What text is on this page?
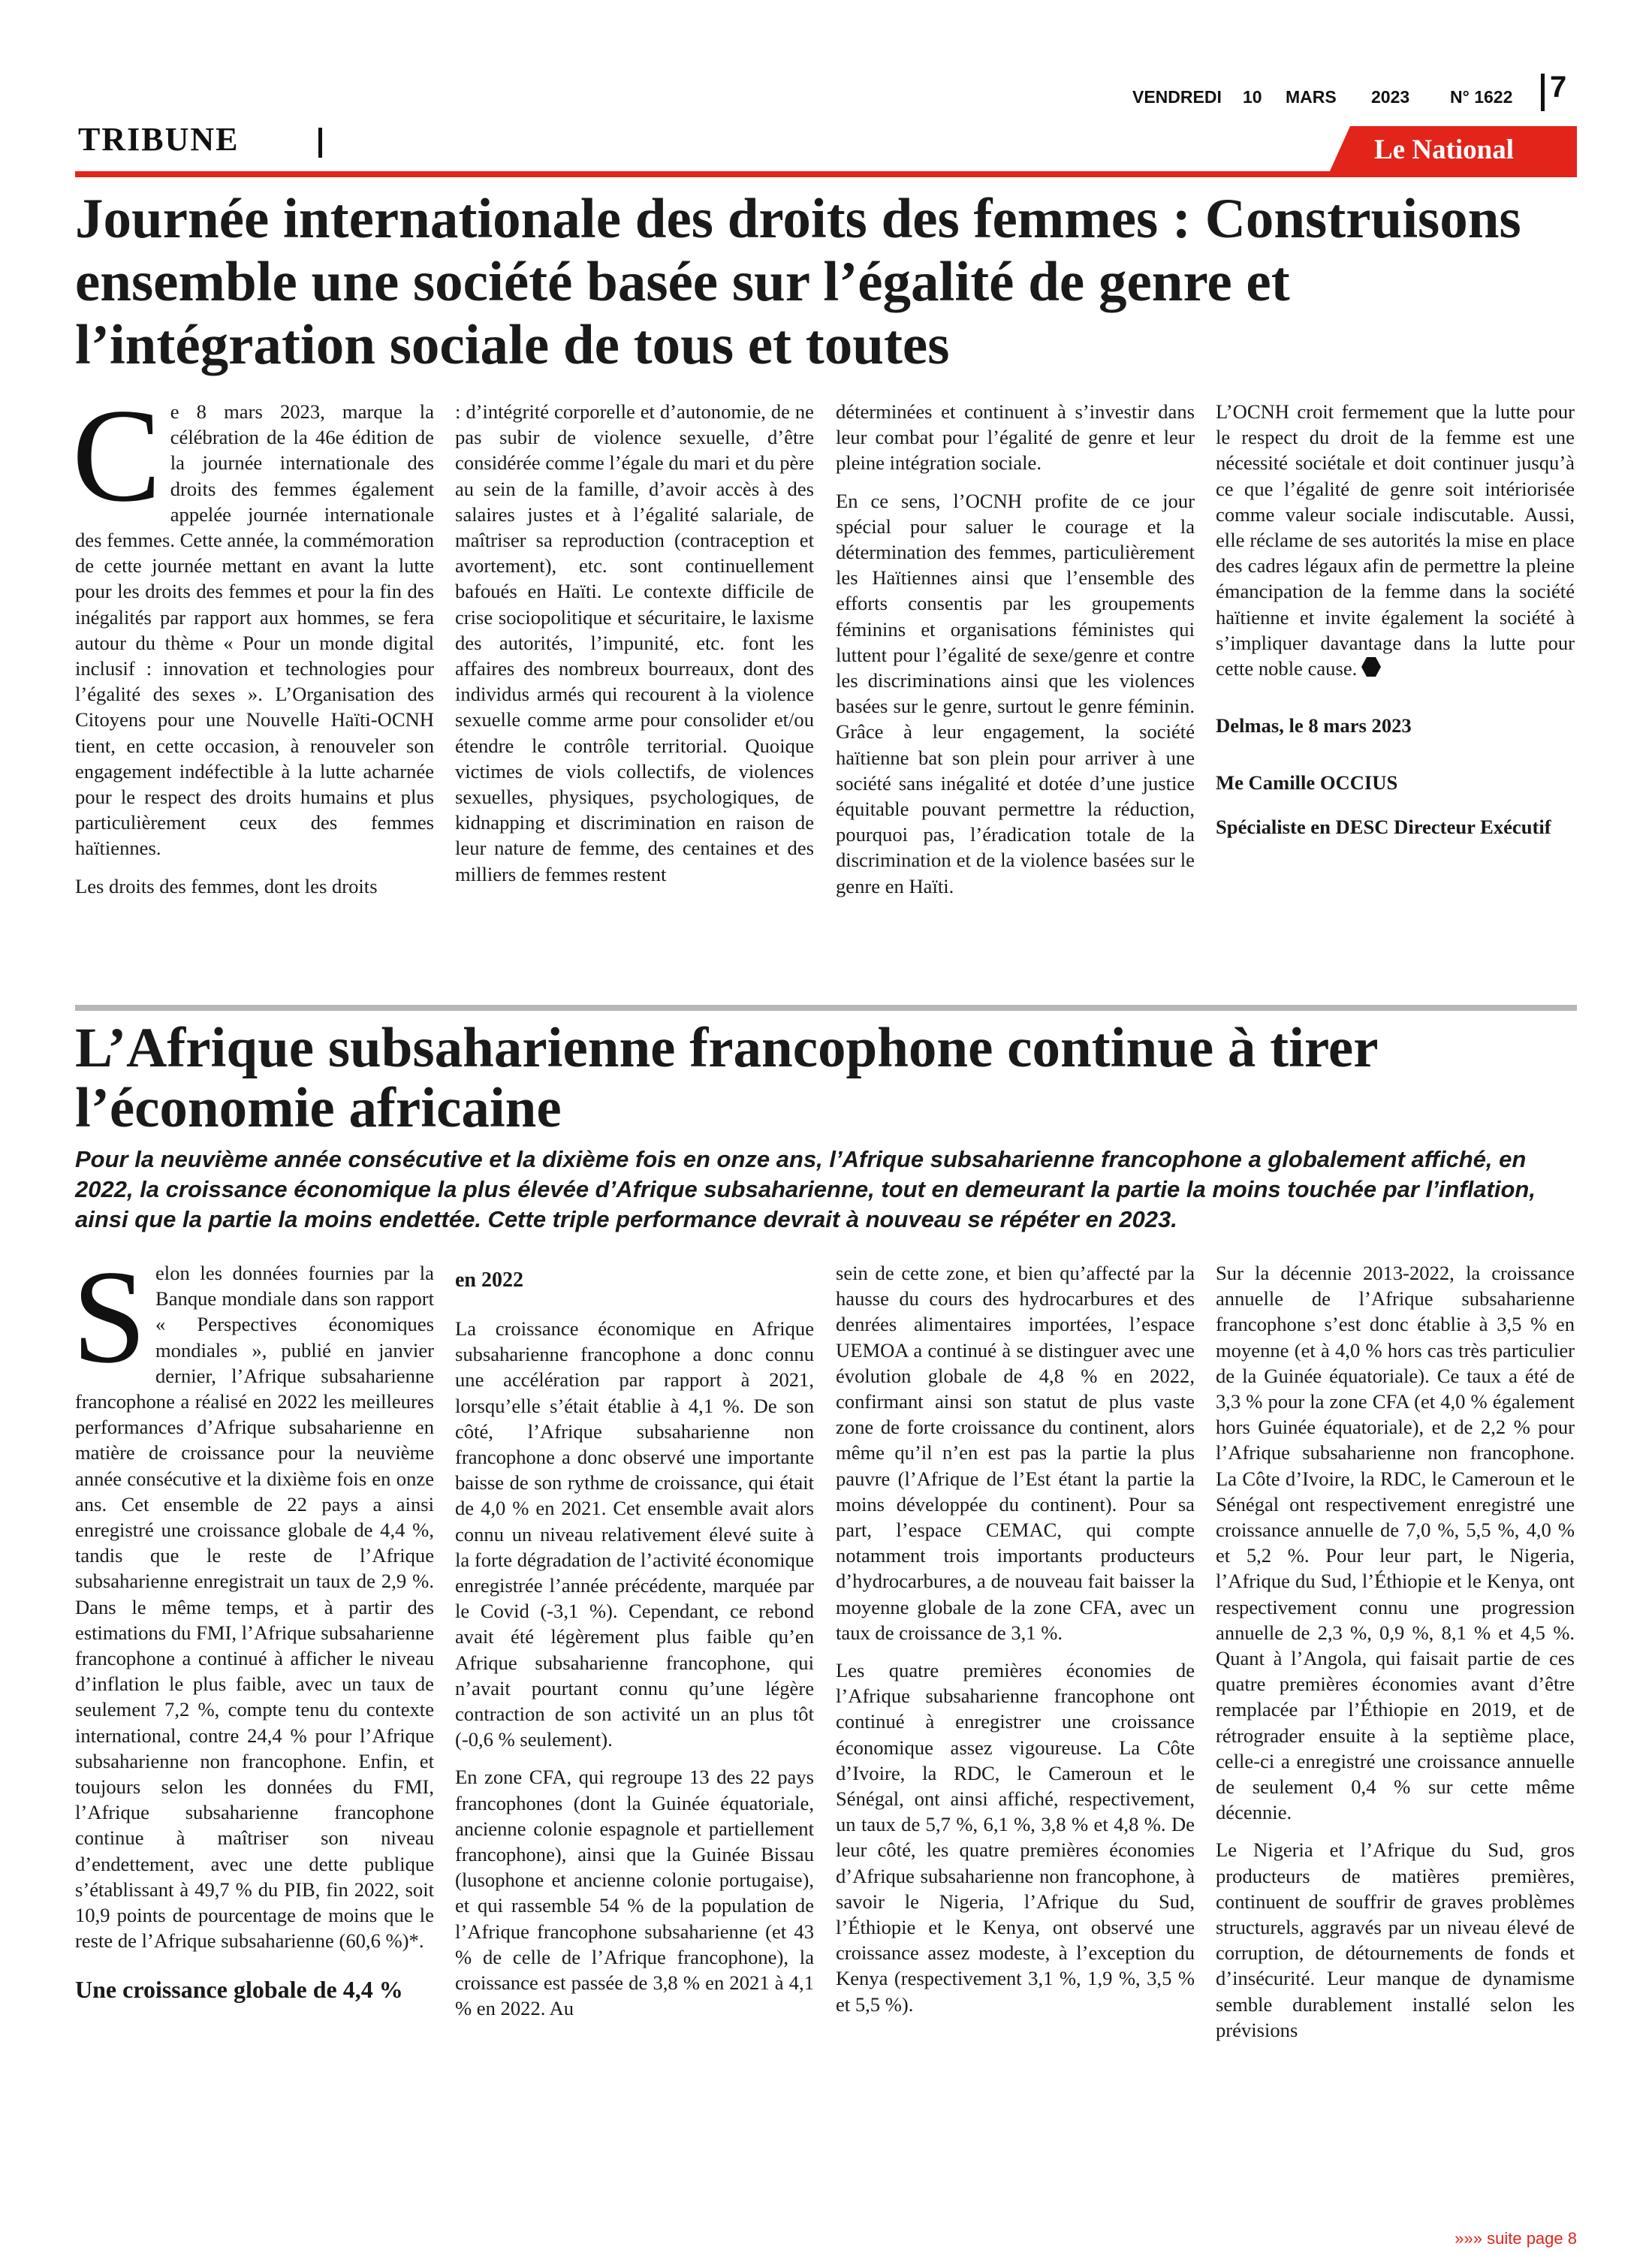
VENDREDI 10 MARS 2023 N° 1622 7
TRIBUNE	Le National
Journée internationale des droits des femmes : Construisons ensemble une société basée sur l’égalité de genre et l’intégration sociale de tous et toutes
C e 8 mars 2023, marque la célébration de la 46e édition de la journée internationale des droits des femmes également appelée journée internationale des femmes. Cette année, la commémoration de cette journée mettant en avant la lutte pour les droits des femmes et pour la fin des inégalités par rapport aux hommes, se fera autour du thème « Pour un monde digital inclusif : innovation et technologies pour l’égalité des sexes ». L’Organisation des Citoyens pour une Nouvelle Haïti-OCNH tient, en cette occasion, à renouveler son engagement indéfectible à la lutte acharnée pour le respect des droits humains et plus particulièrement ceux des femmes haïtiennes.

Les droits des femmes, dont les droits

: d’intégrité corporelle et d’autonomie, de ne pas subir de violence sexuelle, d’être considérée comme l’égale du mari et du père au sein de la famille, d’avoir accès à des salaires justes et à l’égalité salariale, de maîtriser sa reproduction (contraception et avortement), etc. sont continuellement bafoués en Haïti. Le contexte difficile de crise sociopolitique et sécuritaire, le laxisme des autorités, l’impunité, etc. font les affaires des nombreux bourreaux, dont des individus armés qui recourent à la violence sexuelle comme arme pour consolider et/ou étendre le contrôle territorial. Quoique victimes de viols collectifs, de violences sexuelles, physiques, psychologiques, de kidnapping et discrimination en raison de leur nature de femme, des centaines et des milliers de femmes restent

déterminées et continuent à s’investir dans leur combat pour l’égalité de genre et leur pleine intégration sociale.

En ce sens, l’OCNH profite de ce jour spécial pour saluer le courage et la détermination des femmes, particulièrement les Haïtiennes ainsi que l’ensemble des efforts consentis par les groupements féminins et organisations féministes qui luttent pour l’égalité de sexe/genre et contre les discriminations ainsi que les violences basées sur le genre, surtout le genre féminin. Grâce à leur engagement, la société haïtienne bat son plein pour arriver à une société sans inégalité et dotée d’une justice équitable pouvant permettre la réduction, pourquoi pas, l’éradication totale de la discrimination et de la violence basées sur le genre en Haïti.

L’OCNH croit fermement que la lutte pour le respect du droit de la femme est une nécessité sociétale et doit continuer jusqu’à ce que l’égalité de genre soit intériorisée comme valeur sociale indiscutable. Aussi, elle réclame de ses autorités la mise en place des cadres légaux afin de permettre la pleine émancipation de la femme dans la société haïtienne et invite également la société à s’impliquer davantage dans la lutte pour cette noble cause.

Delmas, le 8 mars 2023

Me Camille OCCIUS

Spécialiste en DESC Directeur Exécutif

L’Afrique subsaharienne francophone continue à tirer l’économie africaine

Pour la neuvième année consécutive et la dixième fois en onze ans, l’Afrique subsaharienne francophone a globalement affiché, en 2022, la croissance économique la plus élevée d’Afrique subsaharienne, tout en demeurant la partie la moins touchée par l’inflation, ainsi que la partie la moins endettée. Cette triple performance devrait à nouveau se répéter en 2023.

S elon les données fournies par la Banque mondiale dans son rapport « Perspectives économiques mondiales », publié en janvier dernier, l’Afrique subsaharienne francophone a réalisé en 2022 les meilleures performances d’Afrique subsaharienne en matière de croissance pour la neuvième année consécutive et la dixième fois en onze ans. Cet ensemble de 22 pays a ainsi enregistré une croissance globale de 4,4 %, tandis que le reste de l’Afrique subsaharienne enregistrait un taux de 2,9 %. Dans le même temps, et à partir des estimations du FMI, l’Afrique subsaharienne francophone a continué à afficher le niveau d’inflation le plus faible, avec un taux de seulement 7,2 %, compte tenu du contexte international, contre 24,4 % pour l’Afrique subsaharienne non francophone. Enfin, et toujours selon les données du FMI, l’Afrique subsaharienne francophone continue à maîtriser son niveau d’endettement, avec une dette publique s’établissant à 49,7 % du PIB, fin 2022, soit 10,9 points de pourcentage de moins que le reste de l’Afrique subsaharienne (60,6 %)*.

Une croissance globale de 4,4 %

en 2022

La croissance économique en Afrique subsaharienne francophone a donc connu une accélération par rapport à 2021, lorsqu’elle s’était établie à 4,1 %. De son côté, l’Afrique subsaharienne non francophone a donc observé une importante baisse de son rythme de croissance, qui était de 4,0 % en 2021. Cet ensemble avait alors connu un niveau relativement élevé suite à la forte dégradation de l’activité économique enregistrée l’année précédente, marquée par le Covid (-3,1 %). Cependant, ce rebond avait été légèrement plus faible qu’en Afrique subsaharienne francophone, qui n’avait pourtant connu qu’une légère contraction de son activité un an plus tôt (-0,6 % seulement).

En zone CFA, qui regroupe 13 des 22 pays francophones (dont la Guinée équatoriale, ancienne colonie espagnole et partiellement francophone), ainsi que la Guinée Bissau (lusophone et ancienne colonie portugaise), et qui rassemble 54 % de la population de l’Afrique francophone subsaharienne (et 43 % de celle de l’Afrique francophone), la croissance est passée de 3,8 % en 2021 à 4,1 % en 2022. Au

sein de cette zone, et bien qu’affecté par la hausse du cours des hydrocarbures et des denrées alimentaires importées, l’espace UEMOA a continué à se distinguer avec une évolution globale de 4,8 % en 2022, confirmant ainsi son statut de plus vaste zone de forte croissance du continent, alors même qu’il n’en est pas la partie la plus pauvre (l’Afrique de l’Est étant la partie la moins développée du continent). Pour sa part, l’espace CEMAC, qui compte notamment trois importants producteurs d’hydrocarbures, a de nouveau fait baisser la moyenne globale de la zone CFA, avec un taux de croissance de 3,1 %.

Les quatre premières économies de l’Afrique subsaharienne francophone ont continué à enregistrer une croissance économique assez vigoureuse. La Côte d’Ivoire, la RDC, le Cameroun et le Sénégal, ont ainsi affiché, respectivement, un taux de 5,7 %, 6,1 %, 3,8 % et 4,8 %. De leur côté, les quatre premières économies d’Afrique subsaharienne non francophone, à savoir le Nigeria, l’Afrique du Sud, l’Éthiopie et le Kenya, ont observé une croissance assez modeste, à l’exception du Kenya (respectivement 3,1 %, 1,9 %, 3,5 % et 5,5 %).

Sur la décennie 2013-2022, la croissance annuelle de l’Afrique subsaharienne francophone s’est donc établie à 3,5 % en moyenne (et à 4,0 % hors cas très particulier de la Guinée équatoriale). Ce taux a été de 3,3 % pour la zone CFA (et 4,0 % également hors Guinée équatoriale), et de 2,2 % pour l’Afrique subsaharienne non francophone. La Côte d’Ivoire, la RDC, le Cameroun et le Sénégal ont respectivement enregistré une croissance annuelle de 7,0 %, 5,5 %, 4,0 % et 5,2 %. Pour leur part, le Nigeria, l’Afrique du Sud, l’Éthiopie et le Kenya, ont respectivement connu une progression annuelle de 2,3 %, 0,9 %, 8,1 % et 4,5 %. Quant à l’Angola, qui faisait partie de ces quatre premières économies avant d’être remplacée par l’Éthiopie en 2019, et de rétrograder ensuite à la septième place, celle-ci a enregistré une croissance annuelle de seulement 0,4 % sur cette même décennie.

Le Nigeria et l’Afrique du Sud, gros producteurs de matières premières, continuent de souffrir de graves problèmes structurels, aggravés par un niveau élevé de corruption, de détournements de fonds et d’insécurité. Leur manque de dynamisme semble durablement installé selon les prévisions

»»» suite page 8
